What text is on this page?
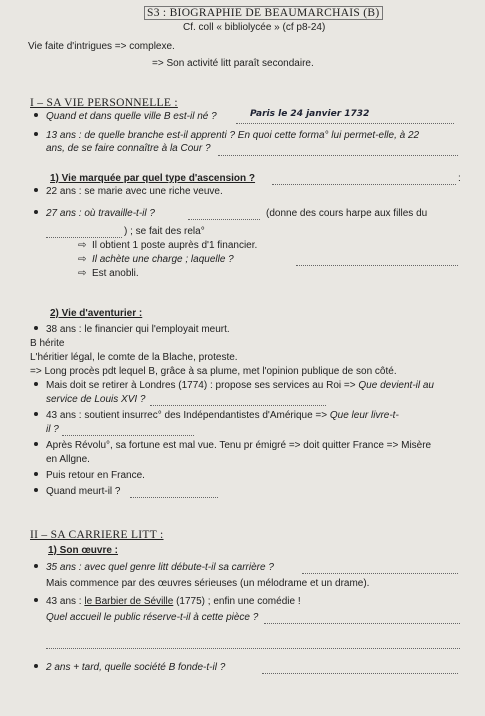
S3 : BIOGRAPHIE DE BEAUMARCHAIS (B)
Cf. coll « bibliolycée » (cf p8-24)
Vie faite d'intrigues => complexe.
=> Son activité litt paraît secondaire.
I – SA VIE PERSONNELLE :
Quand et dans quelle ville B est-il né ?	Paris le 24 janvier 1732
13 ans : de quelle branche est-il apprenti ? En quoi cette forma° lui permet-elle, à 22
ans, de se faire connaître à la Cour ?
1) Vie marquée par quel type d'ascension ?	:
22 ans : se marie avec une riche veuve.
27 ans : où travaille-t-il ?	(donne des cours harpe aux filles du
) ; se fait des rela°
⇨ Il obtient 1 poste auprès d'1 financier.
⇨ Il achète une charge ; laquelle ?
⇨ Est anobli.
2) Vie d'aventurier :
38 ans : le financier qui l'employait meurt.
B hérite
L'héritier légal, le comte de la Blache, proteste.
=> Long procès pdt lequel B, grâce à sa plume, met l'opinion publique de son côté.
Mais doit se retirer à Londres (1774) : propose ses services au Roi => Que devient-il au
service de Louis XVI ?
43 ans : soutient insurrec° des Indépendantistes d'Amérique => Que leur livre-t-
il ?
Après Révolu°, sa fortune est mal vue. Tenu pr émigré => doit quitter France => Misère
en Allgne.
Puis retour en France.
Quand meurt-il ?
II – SA CARRIERE LITT :
1) Son œuvre :
35 ans : avec quel genre litt débute-t-il sa carrière ?
Mais commence par des œuvres sérieuses (un mélodrame et un drame).
43 ans : le Barbier de Séville (1775) ; enfin une comédie !
Quel accueil le public réserve-t-il à cette pièce ?
2 ans + tard, quelle société B fonde-t-il ?
